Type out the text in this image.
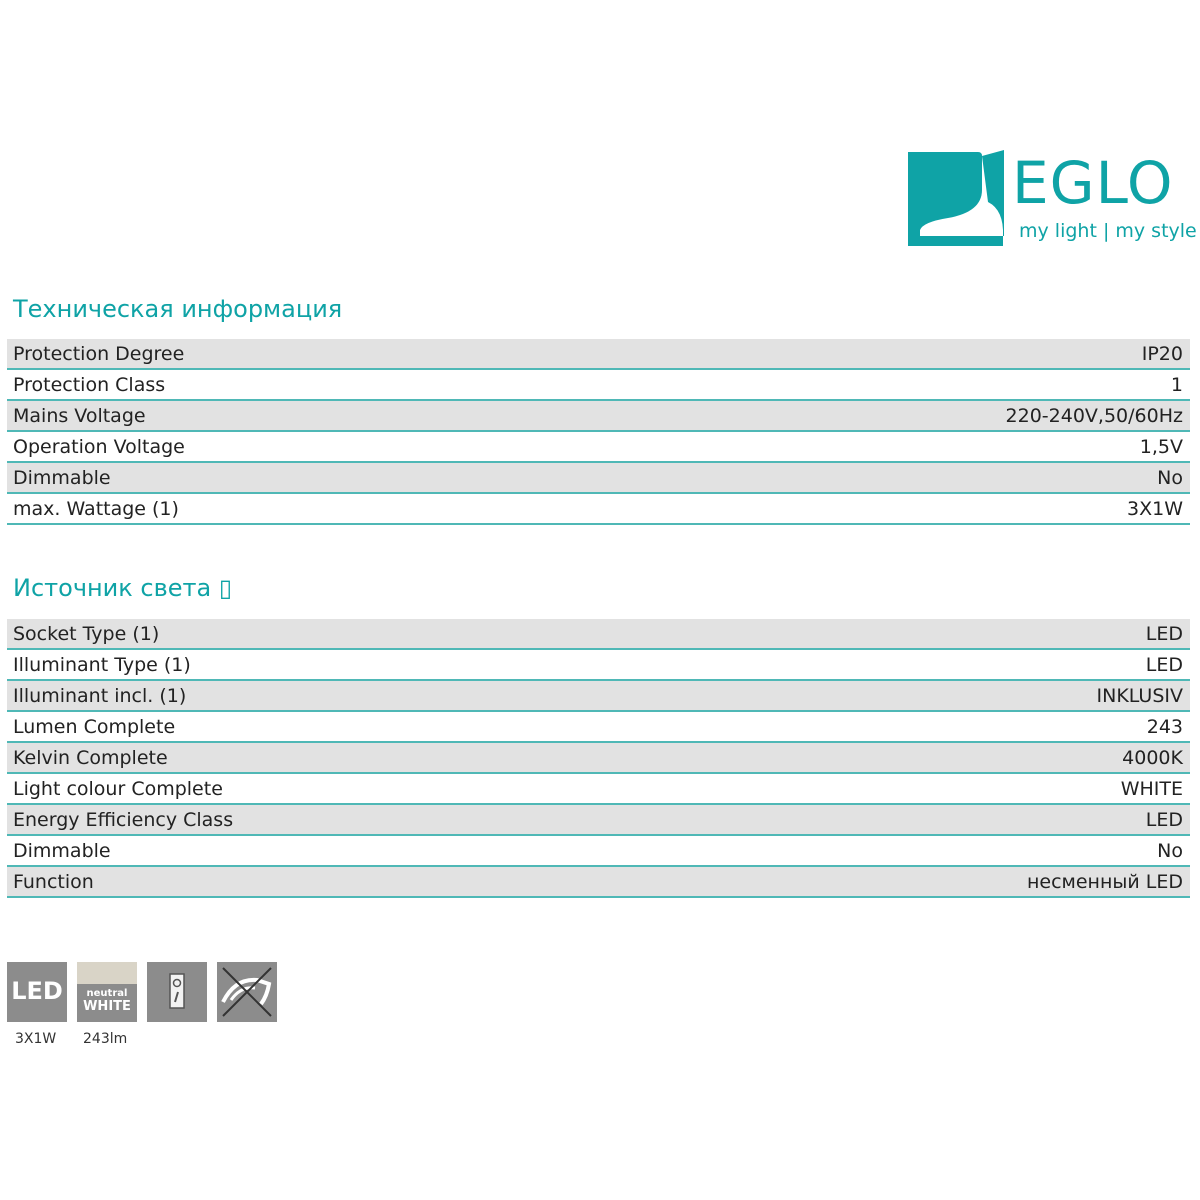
EGLO
my light | my style
Техническая информация
Protection Degree	IP20
Protection Class	1
Mains Voltage	220-240V,50/60Hz
Operation Voltage	1,5V
Dimmable	No
max. Wattage (1)	3X1W
Источник света ▯
Socket Type (1)	LED
Illuminant Type (1)	LED
Illuminant incl. (1)	INKLUSIV
Lumen Complete	243
Kelvin Complete	4000K
Light colour Complete	WHITE
Energy Efficiency Class	LED
Dimmable	No
Function	несменный LED
LED	neutral
WHITE
3X1W 243lm
